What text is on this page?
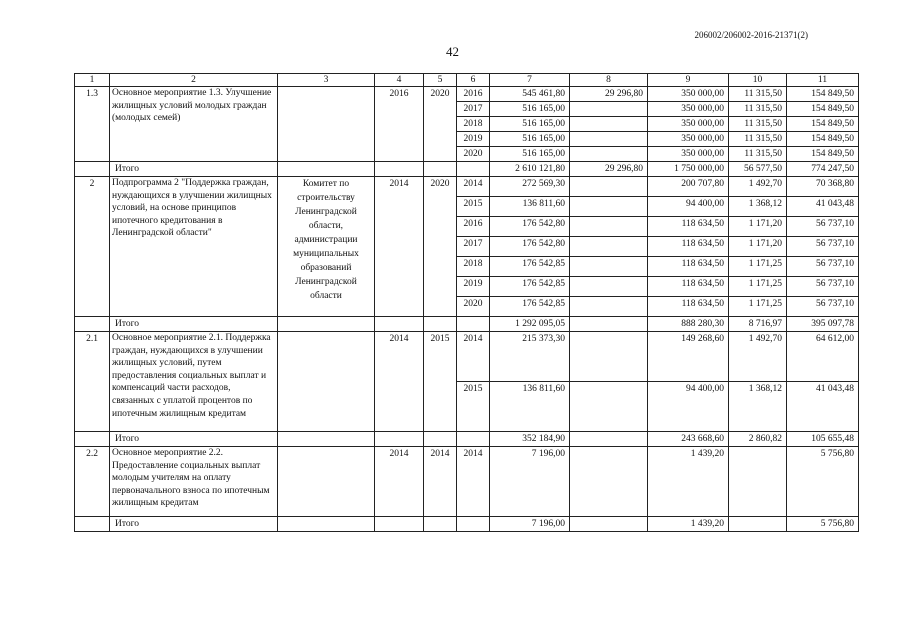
206002/206002-2016-21371(2)
42
1	2	3	4	5	6	7	8	9	10	11
1.3	Основное мероприятие 1.3. Улучшение жилищных условий молодых граждан (молодых семей)		2016	2020	2016	545 461,80	29 296,80	350 000,00	11 315,50	154 849,50
					2017	516 165,00		350 000,00	11 315,50	154 849,50
					2018	516 165,00		350 000,00	11 315,50	154 849,50
					2019	516 165,00		350 000,00	11 315,50	154 849,50
					2020	516 165,00		350 000,00	11 315,50	154 849,50
	Итого					2 610 121,80	29 296,80	1 750 000,00	56 577,50	774 247,50
2	Подпрограмма 2 "Поддержка граждан, нуждающихся в улучшении жилищных условий, на основе принципов ипотечного кредитования в Ленинградской области"	Комитет по строительству Ленинградской области, администрации муниципальных образований Ленинградской области	2014	2020	2014	272 569,30		200 707,80	1 492,70	70 368,80
					2015	136 811,60		94 400,00	1 368,12	41 043,48
					2016	176 542,80		118 634,50	1 171,20	56 737,10
					2017	176 542,80		118 634,50	1 171,20	56 737,10
					2018	176 542,85		118 634,50	1 171,25	56 737,10
					2019	176 542,85		118 634,50	1 171,25	56 737,10
					2020	176 542,85		118 634,50	1 171,25	56 737,10
	Итого					1 292 095,05		888 280,30	8 716,97	395 097,78
2.1	Основное мероприятие 2.1. Поддержка граждан, нуждающихся в улучшении жилищных условий, путем предоставления социальных выплат и компенсаций части расходов, связанных с уплатой процентов по ипотечным жилищным кредитам		2014	2015	2014	215 373,30		149 268,60	1 492,70	64 612,00
					2015	136 811,60		94 400,00	1 368,12	41 043,48
	Итого					352 184,90		243 668,60	2 860,82	105 655,48
2.2	Основное мероприятие 2.2. Предоставление социальных выплат молодым учителям на оплату первоначального взноса по ипотечным жилищным кредитам		2014	2014	2014	7 196,00		1 439,20		5 756,80
	Итого					7 196,00		1 439,20		5 756,80
